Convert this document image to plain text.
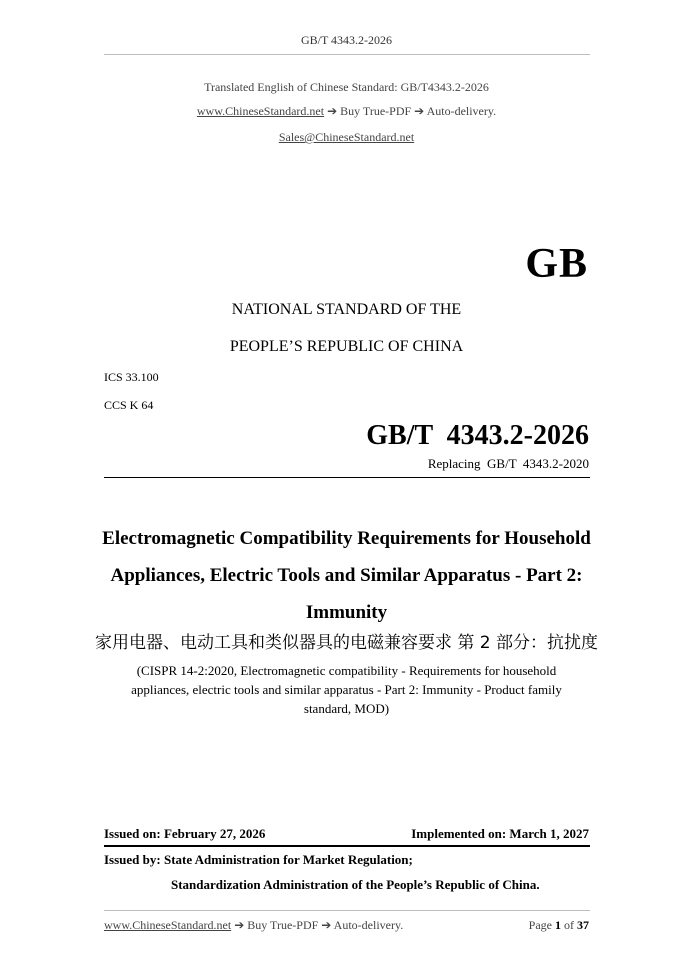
GB/T 4343.2-2026
Translated English of Chinese Standard: GB/T4343.2-2026
www.ChineseStandard.net ➔ Buy True-PDF ➔ Auto-delivery.
Sales@ChineseStandard.net
GB
NATIONAL STANDARD OF THE
PEOPLE’S REPUBLIC OF CHINA
ICS 33.100
CCS K 64
GB/T  4343.2-2026
Replacing  GB/T  4343.2-2020
Electromagnetic Compatibility Requirements for Household
Appliances, Electric Tools and Similar Apparatus - Part 2:
Immunity
家用电器、电动工具和类似器具的电磁兼容要求 第 2 部分：抗扰度
(CISPR 14-2:2020, Electromagnetic compatibility - Requirements for household
appliances, electric tools and similar apparatus - Part 2: Immunity - Product family
standard, MOD)
Issued on: February 27, 2026	Implemented on: March 1, 2027
Issued by: State Administration for Market Regulation;
Standardization Administration of the People’s Republic of China.
www.ChineseStandard.net ➔ Buy True-PDF ➔ Auto-delivery.	Page 1 of 37
